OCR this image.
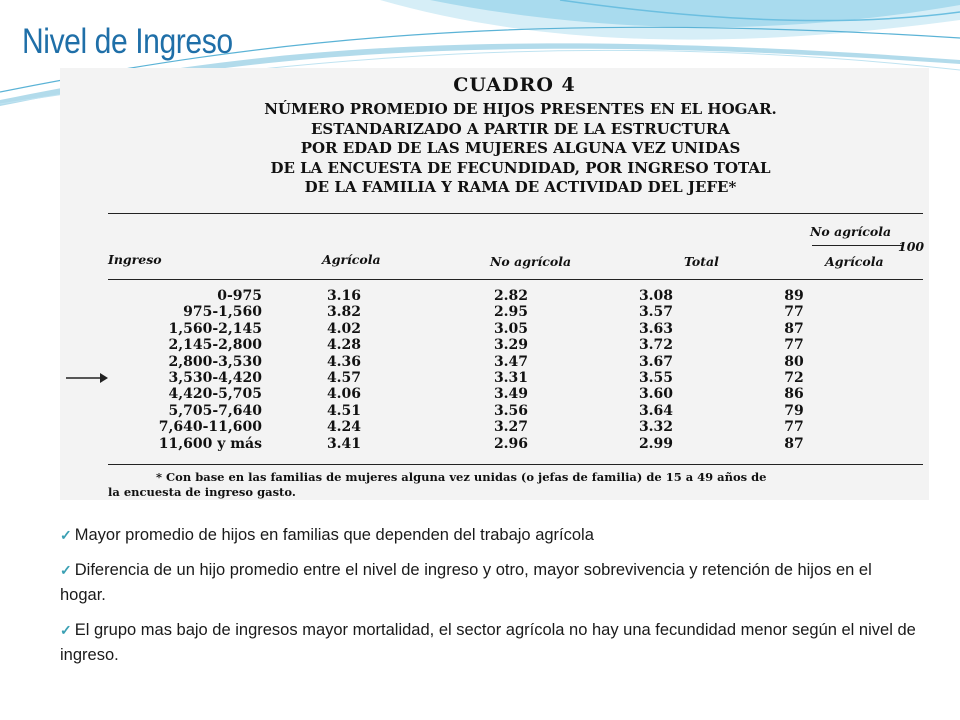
Nivel de Ingreso
CUADRO 4
NÚMERO PROMEDIO DE HIJOS PRESENTES EN EL HOGAR.
ESTANDARIZADO A PARTIR DE LA ESTRUCTURA
POR EDAD DE LAS MUJERES ALGUNA VEZ UNIDAS
DE LA ENCUESTA DE FECUNDIDAD, POR INGRESO TOTAL
DE LA FAMILIA Y RAMA DE ACTIVIDAD DEL JEFE*
Ingreso	Agrícola	No agrícola	Total
No agrícola
100
Agrícola
0-975	3.16	2.82	3.08	89
975-1,560	3.82	2.95	3.57	77
1,560-2,145	4.02	3.05	3.63	87
2,145-2,800	4.28	3.29	3.72	77
2,800-3,530	4.36	3.47	3.67	80
3,530-4,420	4.57	3.31	3.55	72
4,420-5,705	4.06	3.49	3.60	86
5,705-7,640	4.51	3.56	3.64	79
7,640-11,600	4.24	3.27	3.32	77
11,600 y más	3.41	2.96	2.99	87
* Con base en las familias de mujeres alguna vez unidas (o jefas de familia) de 15 a 49 años de
la encuesta de ingreso gasto.
✓ Mayor promedio de hijos en familias que dependen del trabajo agrícola
✓ Diferencia de un hijo promedio entre el nivel de ingreso y otro, mayor sobrevivencia y retención de hijos en el hogar.
✓ El grupo mas bajo de ingresos mayor mortalidad, el sector agrícola no hay una fecundidad menor según el nivel de ingreso.
